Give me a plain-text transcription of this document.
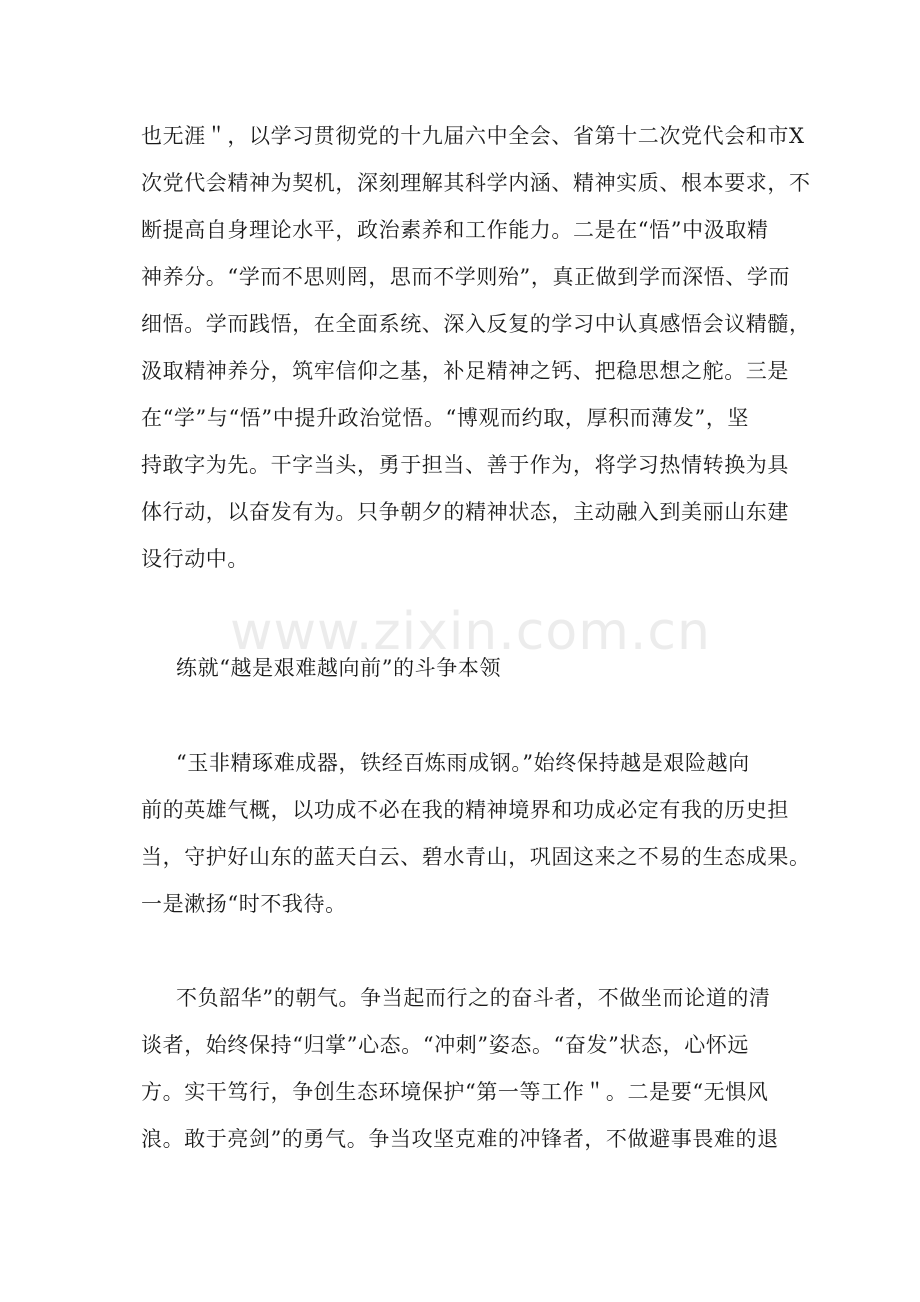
www.zixin.com.cn
也无涯＂，以学习贯彻党的十九届六中全会、省第十二次党代会和市X
次党代会精神为契机，深刻理解其科学内涵、精神实质、根本要求，不
断提高自身理论水平，政治素养和工作能力。二是在“悟”中汲取精
神养分。“学而不思则罔，思而不学则殆”，真正做到学而深悟、学而
细悟。学而践悟，在全面系统、深入反复的学习中认真感悟会议精髓，
汲取精神养分，筑牢信仰之基，补足精神之钙、把稳思想之舵。三是
在“学”与“悟”中提升政治觉悟。“博观而约取，厚积而薄发”，坚
持敢字为先。干字当头，勇于担当、善于作为，将学习热情转换为具
体行动，以奋发有为。只争朝夕的精神状态，主动融入到美丽山东建
设行动中。
练就“越是艰难越向前”的斗争本领
“玉非精琢难成器，铁经百炼雨成钢。”始终保持越是艰险越向
前的英雄气概，以功成不必在我的精神境界和功成必定有我的历史担
当，守护好山东的蓝天白云、碧水青山，巩固这来之不易的生态成果。
一是漱扬“时不我待。
不负韶华”的朝气。争当起而行之的奋斗者，不做坐而论道的清
谈者，始终保持“归掌”心态。“冲刺”姿态。“奋发”状态，心怀远
方。实干笃行，争创生态环境保护“第一等工作＂。二是要“无惧风
浪。敢于亮剑”的勇气。争当攻坚克难的冲锋者，不做避事畏难的退
